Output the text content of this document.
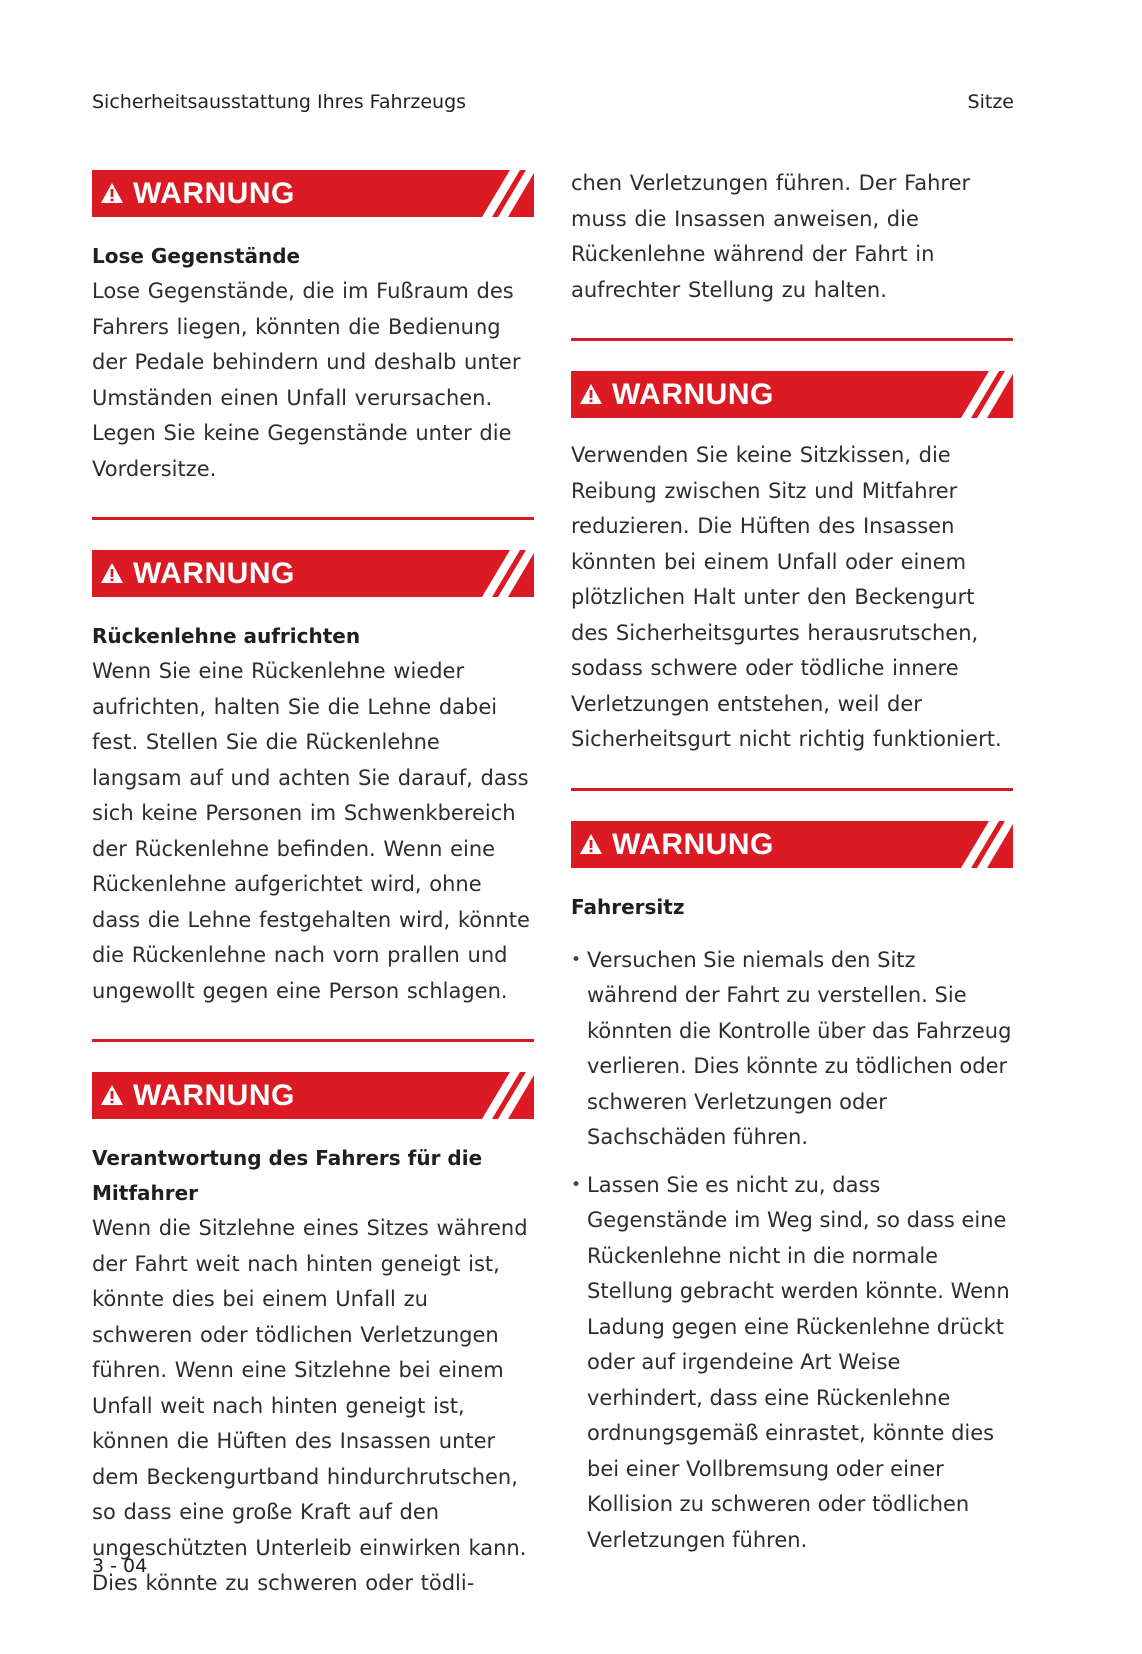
Sicherheitsausstattung Ihres Fahrzeugs	Sitze
WARNUNG
Lose Gegenstände
Lose Gegenstände, die im Fußraum des Fahrers liegen, könnten die Bedienung der Pedale behindern und deshalb unter Umständen einen Unfall verursachen. Legen Sie keine Gegenstände unter die Vordersitze.
WARNUNG
Rückenlehne aufrichten
Wenn Sie eine Rückenlehne wieder aufrichten, halten Sie die Lehne dabei fest. Stellen Sie die Rückenlehne langsam auf und achten Sie darauf, dass sich keine Personen im Schwenkbereich der Rückenlehne befinden. Wenn eine Rückenlehne aufgerichtet wird, ohne dass die Lehne festgehalten wird, könnte die Rückenlehne nach vorn prallen und ungewollt gegen eine Person schlagen.
WARNUNG
Verantwortung des Fahrers für die Mitfahrer
Wenn die Sitzlehne eines Sitzes während der Fahrt weit nach hinten geneigt ist, könnte dies bei einem Unfall zu schweren oder tödlichen Verletzungen führen. Wenn eine Sitzlehne bei einem Unfall weit nach hinten geneigt ist, können die Hüften des Insassen unter dem Beckengurtband hindurchrutschen, so dass eine große Kraft auf den ungeschützten Unterleib einwirken kann. Dies könnte zu schweren oder tödli-
chen Verletzungen führen. Der Fahrer muss die Insassen anweisen, die Rückenlehne während der Fahrt in aufrechter Stellung zu halten.
WARNUNG
Verwenden Sie keine Sitzkissen, die Reibung zwischen Sitz und Mitfahrer reduzieren. Die Hüften des Insassen könnten bei einem Unfall oder einem plötzlichen Halt unter den Beckengurt des Sicherheitsgurtes herausrutschen, sodass schwere oder tödliche innere Verletzungen entstehen, weil der Sicherheitsgurt nicht richtig funktioniert.
WARNUNG
Fahrersitz
• Versuchen Sie niemals den Sitz während der Fahrt zu verstellen. Sie könnten die Kontrolle über das Fahrzeug verlieren. Dies könnte zu tödlichen oder schweren Verletzungen oder Sachschäden führen.
• Lassen Sie es nicht zu, dass Gegenstände im Weg sind, so dass eine Rückenlehne nicht in die normale Stellung gebracht werden könnte. Wenn Ladung gegen eine Rückenlehne drückt oder auf irgendeine Art Weise verhindert, dass eine Rückenlehne ordnungsgemäß einrastet, könnte dies bei einer Vollbremsung oder einer Kollision zu schweren oder tödlichen Verletzungen führen.
3 - 04
